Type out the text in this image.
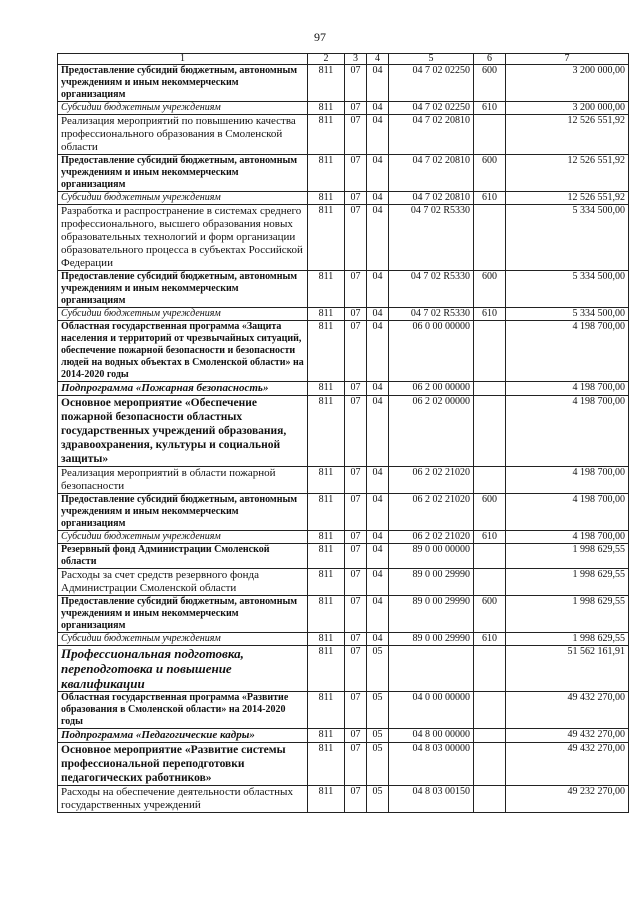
97
1	2	3	4	5	6	7
Предоставление субсидий бюджетным, автономным учреждениям и иным некоммерческим организациям	811	07	04	04 7 02 02250	600	3 200 000,00
Субсидии бюджетным учреждениям	811	07	04	04 7 02 02250	610	3 200 000,00
Реализация мероприятий по повышению качества профессионального образования в Смоленской области	811	07	04	04 7 02 20810		12 526 551,92
Предоставление субсидий бюджетным, автономным учреждениям и иным некоммерческим организациям	811	07	04	04 7 02 20810	600	12 526 551,92
Субсидии бюджетным учреждениям	811	07	04	04 7 02 20810	610	12 526 551,92
Разработка и распространение в системах среднего профессионального, высшего образования новых образовательных технологий и форм организации образовательного процесса в субъектах Российской Федерации	811	07	04	04 7 02 R5330		5 334 500,00
Предоставление субсидий бюджетным, автономным учреждениям и иным некоммерческим организациям	811	07	04	04 7 02 R5330	600	5 334 500,00
Субсидии бюджетным учреждениям	811	07	04	04 7 02 R5330	610	5 334 500,00
Областная государственная программа «Защита населения и территорий от чрезвычайных ситуаций, обеспечение пожарной безопасности и безопасности людей на водных объектах в Смоленской области» на 2014-2020 годы	811	07	04	06 0 00 00000		4 198 700,00
Подпрограмма «Пожарная безопасность»	811	07	04	06 2 00 00000		4 198 700,00
Основное мероприятие «Обеспечение пожарной безопасности областных государственных учреждений образования, здравоохранения, культуры и социальной защиты»	811	07	04	06 2 02 00000		4 198 700,00
Реализация мероприятий в области пожарной безопасности	811	07	04	06 2 02 21020		4 198 700,00
Предоставление субсидий бюджетным, автономным учреждениям и иным некоммерческим организациям	811	07	04	06 2 02 21020	600	4 198 700,00
Субсидии бюджетным учреждениям	811	07	04	06 2 02 21020	610	4 198 700,00
Резервный фонд Администрации Смоленской области	811	07	04	89 0 00 00000		1 998 629,55
Расходы за счет средств резервного фонда Администрации Смоленской области	811	07	04	89 0 00 29990		1 998 629,55
Предоставление субсидий бюджетным, автономным учреждениям и иным некоммерческим организациям	811	07	04	89 0 00 29990	600	1 998 629,55
Субсидии бюджетным учреждениям	811	07	04	89 0 00 29990	610	1 998 629,55
Профессиональная подготовка, переподготовка и повышение квалификации	811	07	05			51 562 161,91
Областная государственная программа «Развитие образования в Смоленской области» на 2014-2020 годы	811	07	05	04 0 00 00000		49 432 270,00
Подпрограмма «Педагогические кадры»	811	07	05	04 8 00 00000		49 432 270,00
Основное мероприятие «Развитие системы профессиональной переподготовки педагогических работников»	811	07	05	04 8 03 00000		49 432 270,00
Расходы на обеспечение деятельности областных государственных учреждений	811	07	05	04 8 03 00150		49 232 270,00
